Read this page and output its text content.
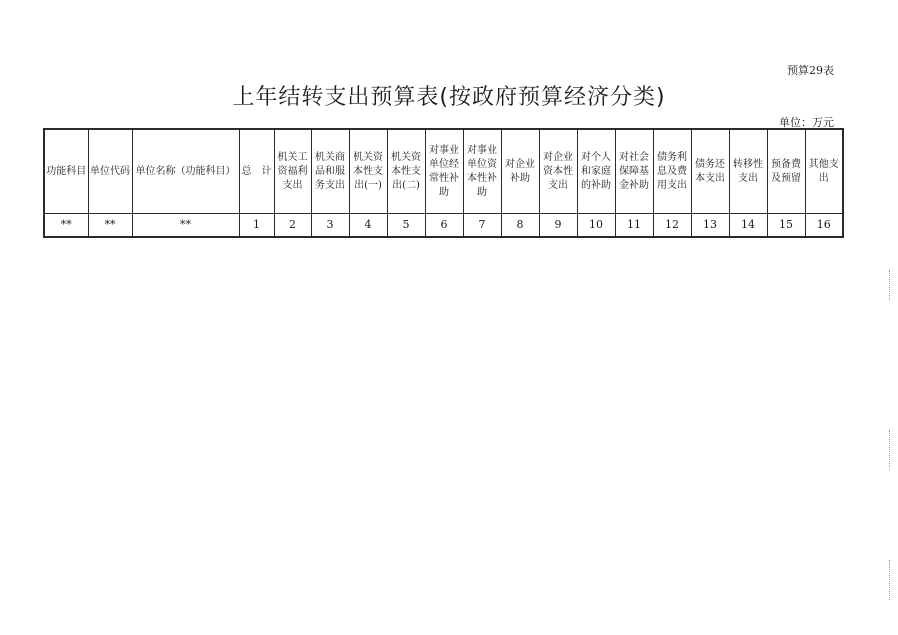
预算29表
上年结转支出预算表(按政府预算经济分类)
单位：万元
功能科目	单位代码	单位名称（功能科目）	总　计	机关工资福利支出	机关商品和服务支出	机关资本性支出(一)	机关资本性支出(二)	对事业单位经常性补助	对事业单位资本性补助	对企业补助	对企业资本性支出	对个人和家庭的补助	对社会保障基金补助	债务利息及费用支出	债务还本支出	转移性支出	预备费及预留	其他支出
**	**	**	1	2	3	4	5	6	7	8	9	10	11	12	13	14	15	16
